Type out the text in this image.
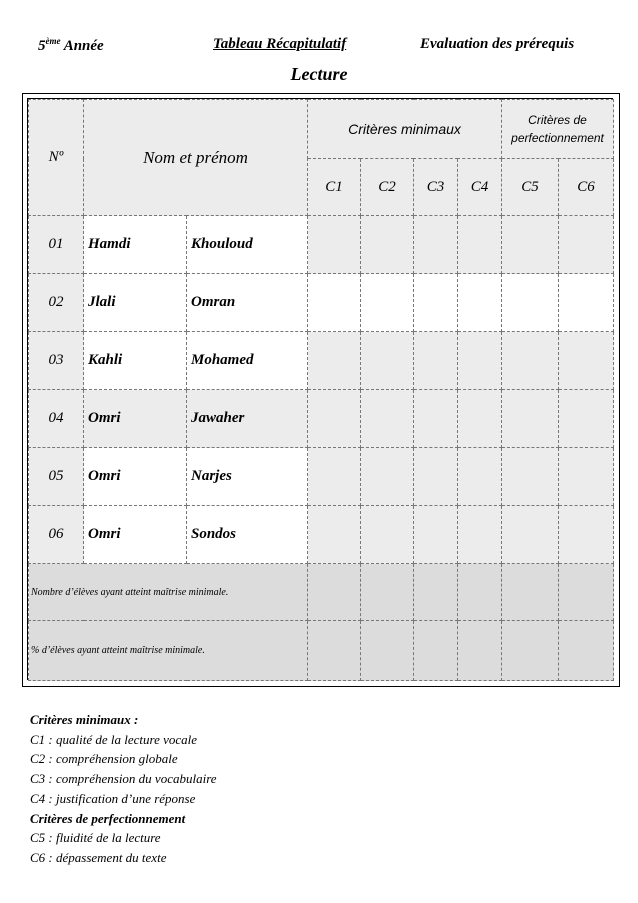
5ème Année	Tableau Récapitulatif	Evaluation des prérequis
Lecture
Nº	Nom et prénom		Critères minimaux				Critères de
perfectionnement	

			C1	C2	C3	C4	C5	C6
01	Hamdi	Khouloud						
02	Jlali	Omran						
03	Kahli	Mohamed						
04	Omri	Jawaher						
05	Omri	Narjes						
06	Omri	Sondos						
Nombre d’élèves ayant atteint maîtrise minimale.								
% d’élèves ayant atteint maîtrise minimale.								
Critères minimaux :
C1 : qualité de la lecture vocale
C2 : compréhension globale
C3 : compréhension du vocabulaire
C4 : justification d’une réponse
Critères de perfectionnement
C5 : fluidité de la lecture
C6 : dépassement du texte
